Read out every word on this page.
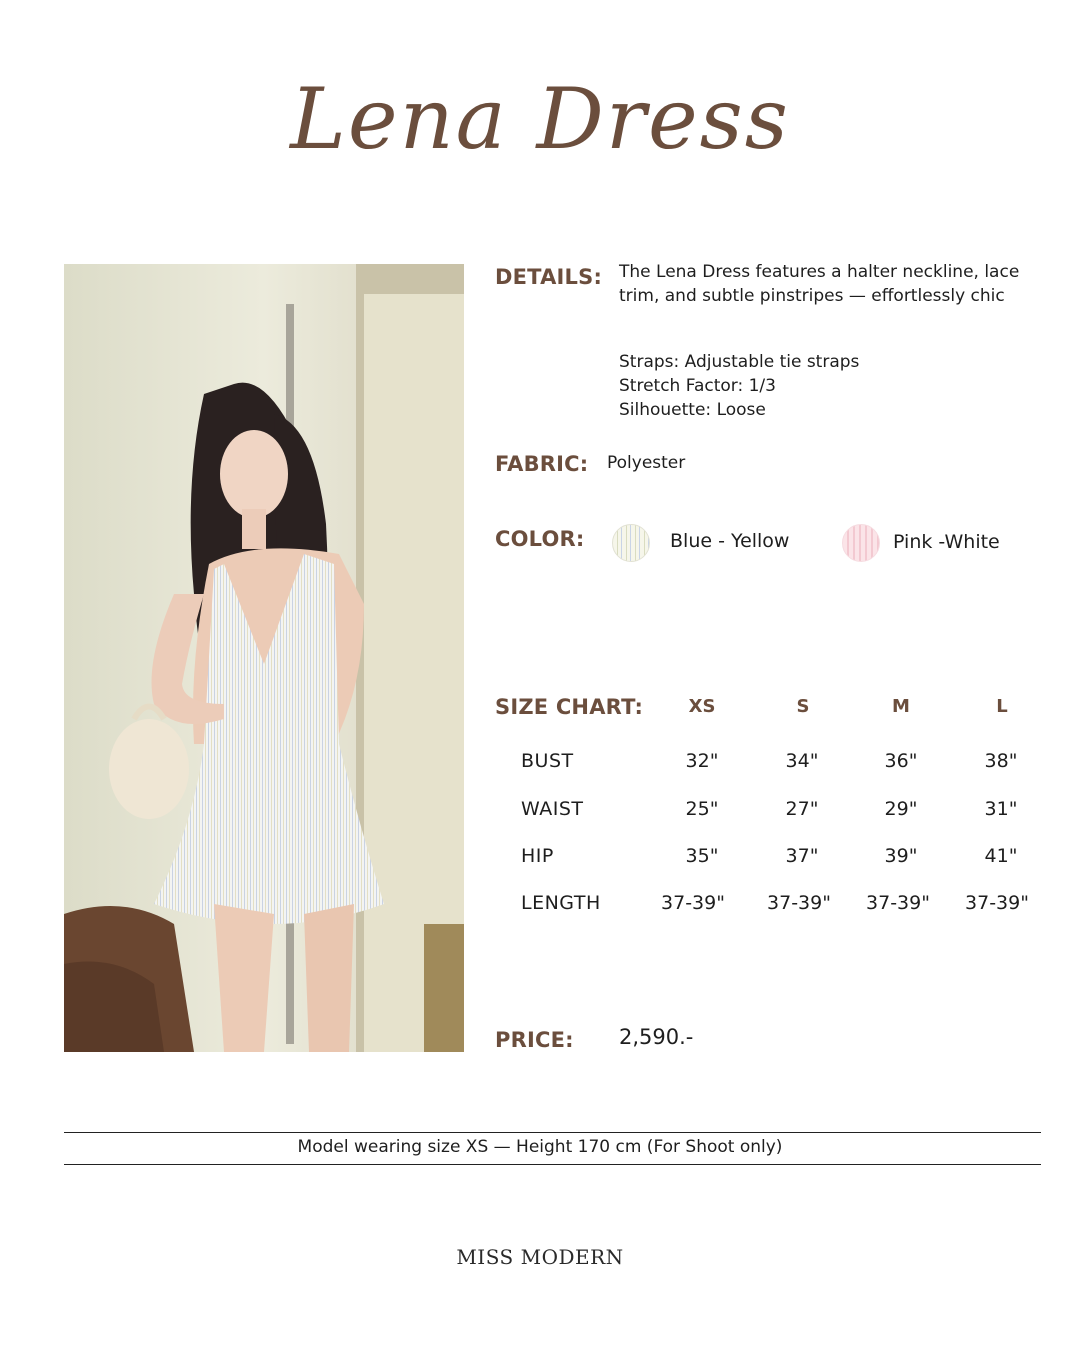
Lena Dress
DETAILS: The Lena Dress features a halter neckline, lace
trim, and subtle pinstripes — effortlessly chic
Straps: Adjustable tie straps
Stretch Factor: 1/3
Silhouette: Loose
FABRIC: Polyester
COLOR:	Blue - Yellow	Pink -White
SIZE CHART:	XS	S	M	L
BUST	32"	34"	36"	38"
WAIST	25"	27"	29"	31"
HIP	35"	37"	39"	41"
LENGTH	37-39"	37-39"	37-39"	37-39"
PRICE: 2,590.-
Model wearing size XS — Height 170 cm (For Shoot only)
MISS MODERN
